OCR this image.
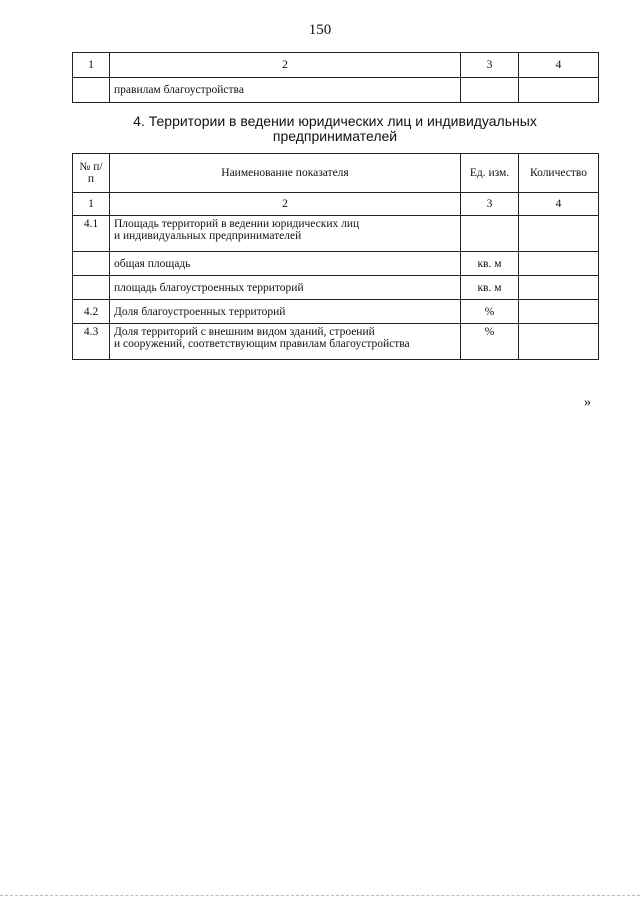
150
1	2	3	4
	правилам благоустройства		
4. Территории в ведении юридических лиц и индивидуальных
предпринимателей
№ п/п	Наименование показателя	Ед. изм.	Количество
1	2	3	4
4.1	Площадь территорий в ведении юридических лиц
и индивидуальных предпринимателей		

	общая площадь	кв. м	
	площадь благоустроенных территорий	кв. м	
4.2	Доля благоустроенных территорий	%	
4.3	Доля территорий с внешним видом зданий, строений
и сооружений, соответствующим правилам благоустройства	%	
»
